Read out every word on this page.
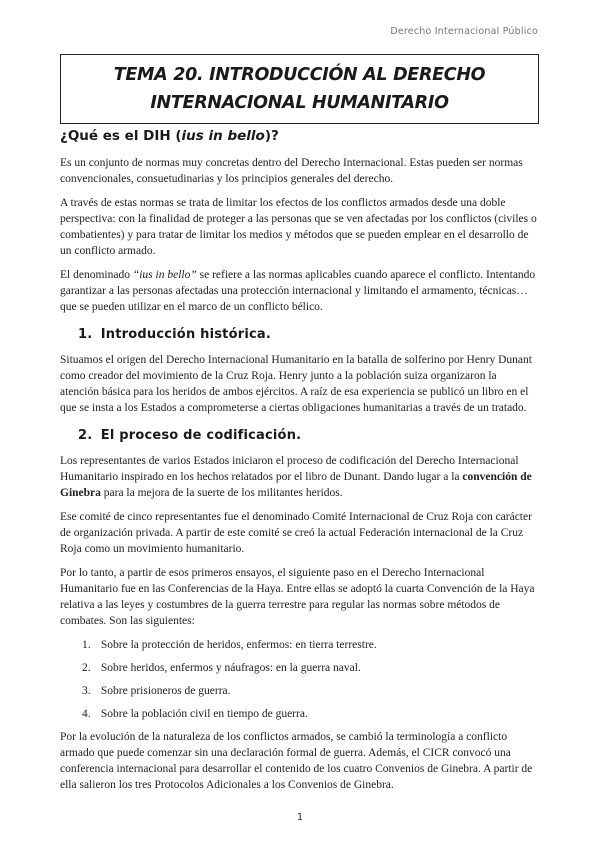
Derecho Internacional Público
TEMA 20. INTRODUCCIÓN AL DERECHO
INTERNACIONAL HUMANITARIO
¿Qué es el DIH (ius in bello)?

Es un conjunto de normas muy concretas dentro del Derecho Internacional. Estas pueden ser normas convencionales, consuetudinarias y los principios generales del derecho.

A través de estas normas se trata de limitar los efectos de los conflictos armados desde una doble perspectiva: con la finalidad de proteger a las personas que se ven afectadas por los conflictos (civiles o combatientes) y para tratar de limitar los medios y métodos que se pueden emplear en el desarrollo de un conflicto armado.

El denominado “ius in bello” se refiere a las normas aplicables cuando aparece el conflicto. Intentando garantizar a las personas afectadas una protección internacional y limitando el armamento, técnicas… que se pueden utilizar en el marco de un conflicto bélico.

1. Introducción histórica.

Situamos el origen del Derecho Internacional Humanitario en la batalla de solferino por Henry Dunant como creador del movimiento de la Cruz Roja. Henry junto a la población suiza organizaron la atención básica para los heridos de ambos ejércitos. A raíz de esa experiencia se publicó un libro en el que se insta a los Estados a comprometerse a ciertas obligaciones humanitarias a través de un tratado.

2. El proceso de codificación.

Los representantes de varios Estados iniciaron el proceso de codificación del Derecho Internacional Humanitario inspirado en los hechos relatados por el libro de Dunant. Dando lugar a la convención de Ginebra para la mejora de la suerte de los militantes heridos.

Ese comité de cinco representantes fue el denominado Comité Internacional de Cruz Roja con carácter de organización privada. A partir de este comité se creó la actual Federación internacional de la Cruz Roja como un movimiento humanitario.

Por lo tanto, a partir de esos primeros ensayos, el siguiente paso en el Derecho Internacional Humanitario fue en las Conferencias de la Haya. Entre ellas se adoptó la cuarta Convención de la Haya relativa a las leyes y costumbres de la guerra terrestre para regular las normas sobre métodos de combates. Son las siguientes:

1. Sobre la protección de heridos, enfermos: en tierra terrestre.
2. Sobre heridos, enfermos y náufragos: en la guerra naval.
3. Sobre prisioneros de guerra.
4. Sobre la población civil en tiempo de guerra.

Por la evolución de la naturaleza de los conflictos armados, se cambió la terminología a conflicto armado que puede comenzar sin una declaración formal de guerra. Además, el CICR convocó una conferencia internacional para desarrollar el contenido de los cuatro Convenios de Ginebra. A partir de ella salieron los tres Protocolos Adicionales a los Convenios de Ginebra.

1
